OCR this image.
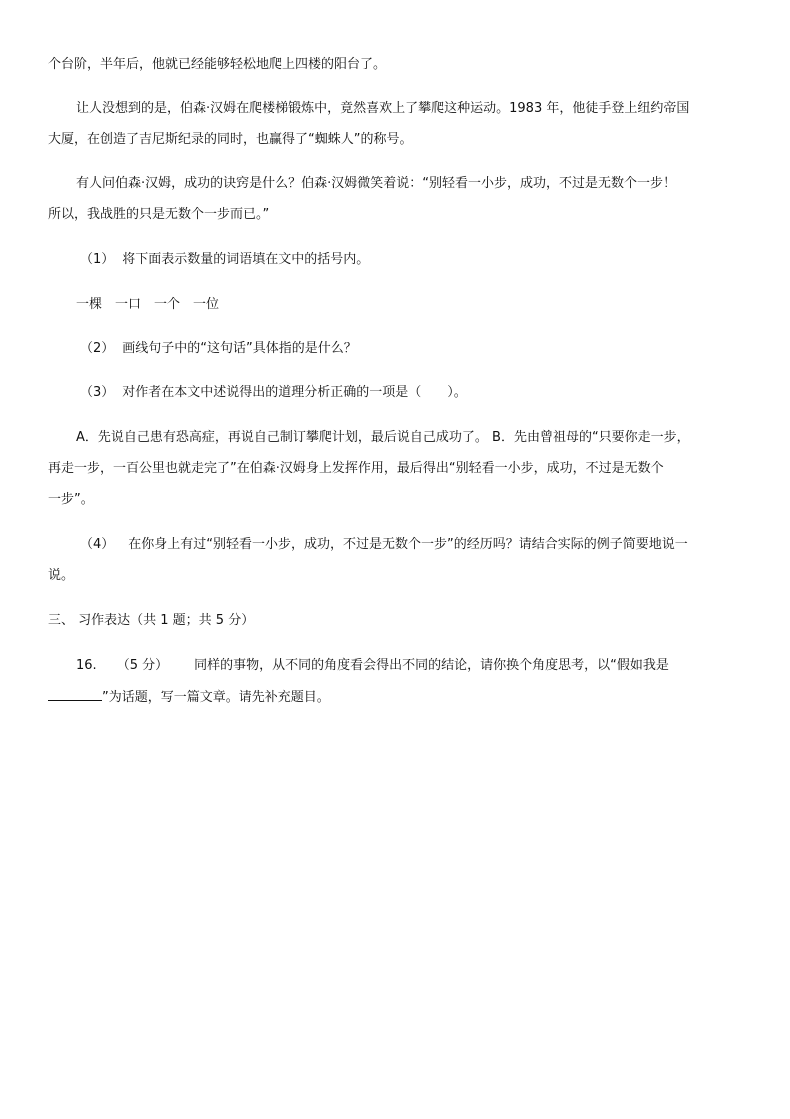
个台阶，半年后，他就已经能够轻松地爬上四楼的阳台了。
让人没想到的是，伯森·汉姆在爬楼梯锻炼中，竟然喜欢上了攀爬这种运动。1983 年，他徒手登上纽约帝国
大厦，在创造了吉尼斯纪录的同时，也赢得了“蜘蛛人”的称号。
有人问伯森·汉姆，成功的诀窍是什么？伯森·汉姆微笑着说：“别轻看一小步，成功，不过是无数个一步！
所以，我战胜的只是无数个一步而已。”
（1） 将下面表示数量的词语填在文中的括号内。
一棵　一口　一个　一位
（2） 画线句子中的“这句话”具体指的是什么？
（3） 对作者在本文中述说得出的道理分析正确的一项是（　　）。
A．先说自己患有恐高症，再说自己制订攀爬计划，最后说自己成功了。 B．先由曾祖母的“只要你走一步，
再走一步，一百公里也就走完了”在伯森·汉姆身上发挥作用，最后得出“别轻看一小步，成功，不过是无数个
一步”。
（4） 在你身上有过“别轻看一小步，成功，不过是无数个一步”的经历吗？请结合实际的例子简要地说一
说。
三、 习作表达（共 1 题；共 5 分）
16. （5 分） 同样的事物，从不同的角度看会得出不同的结论，请你换个角度思考，以“假如我是
”为话题，写一篇文章。请先补充题目。
